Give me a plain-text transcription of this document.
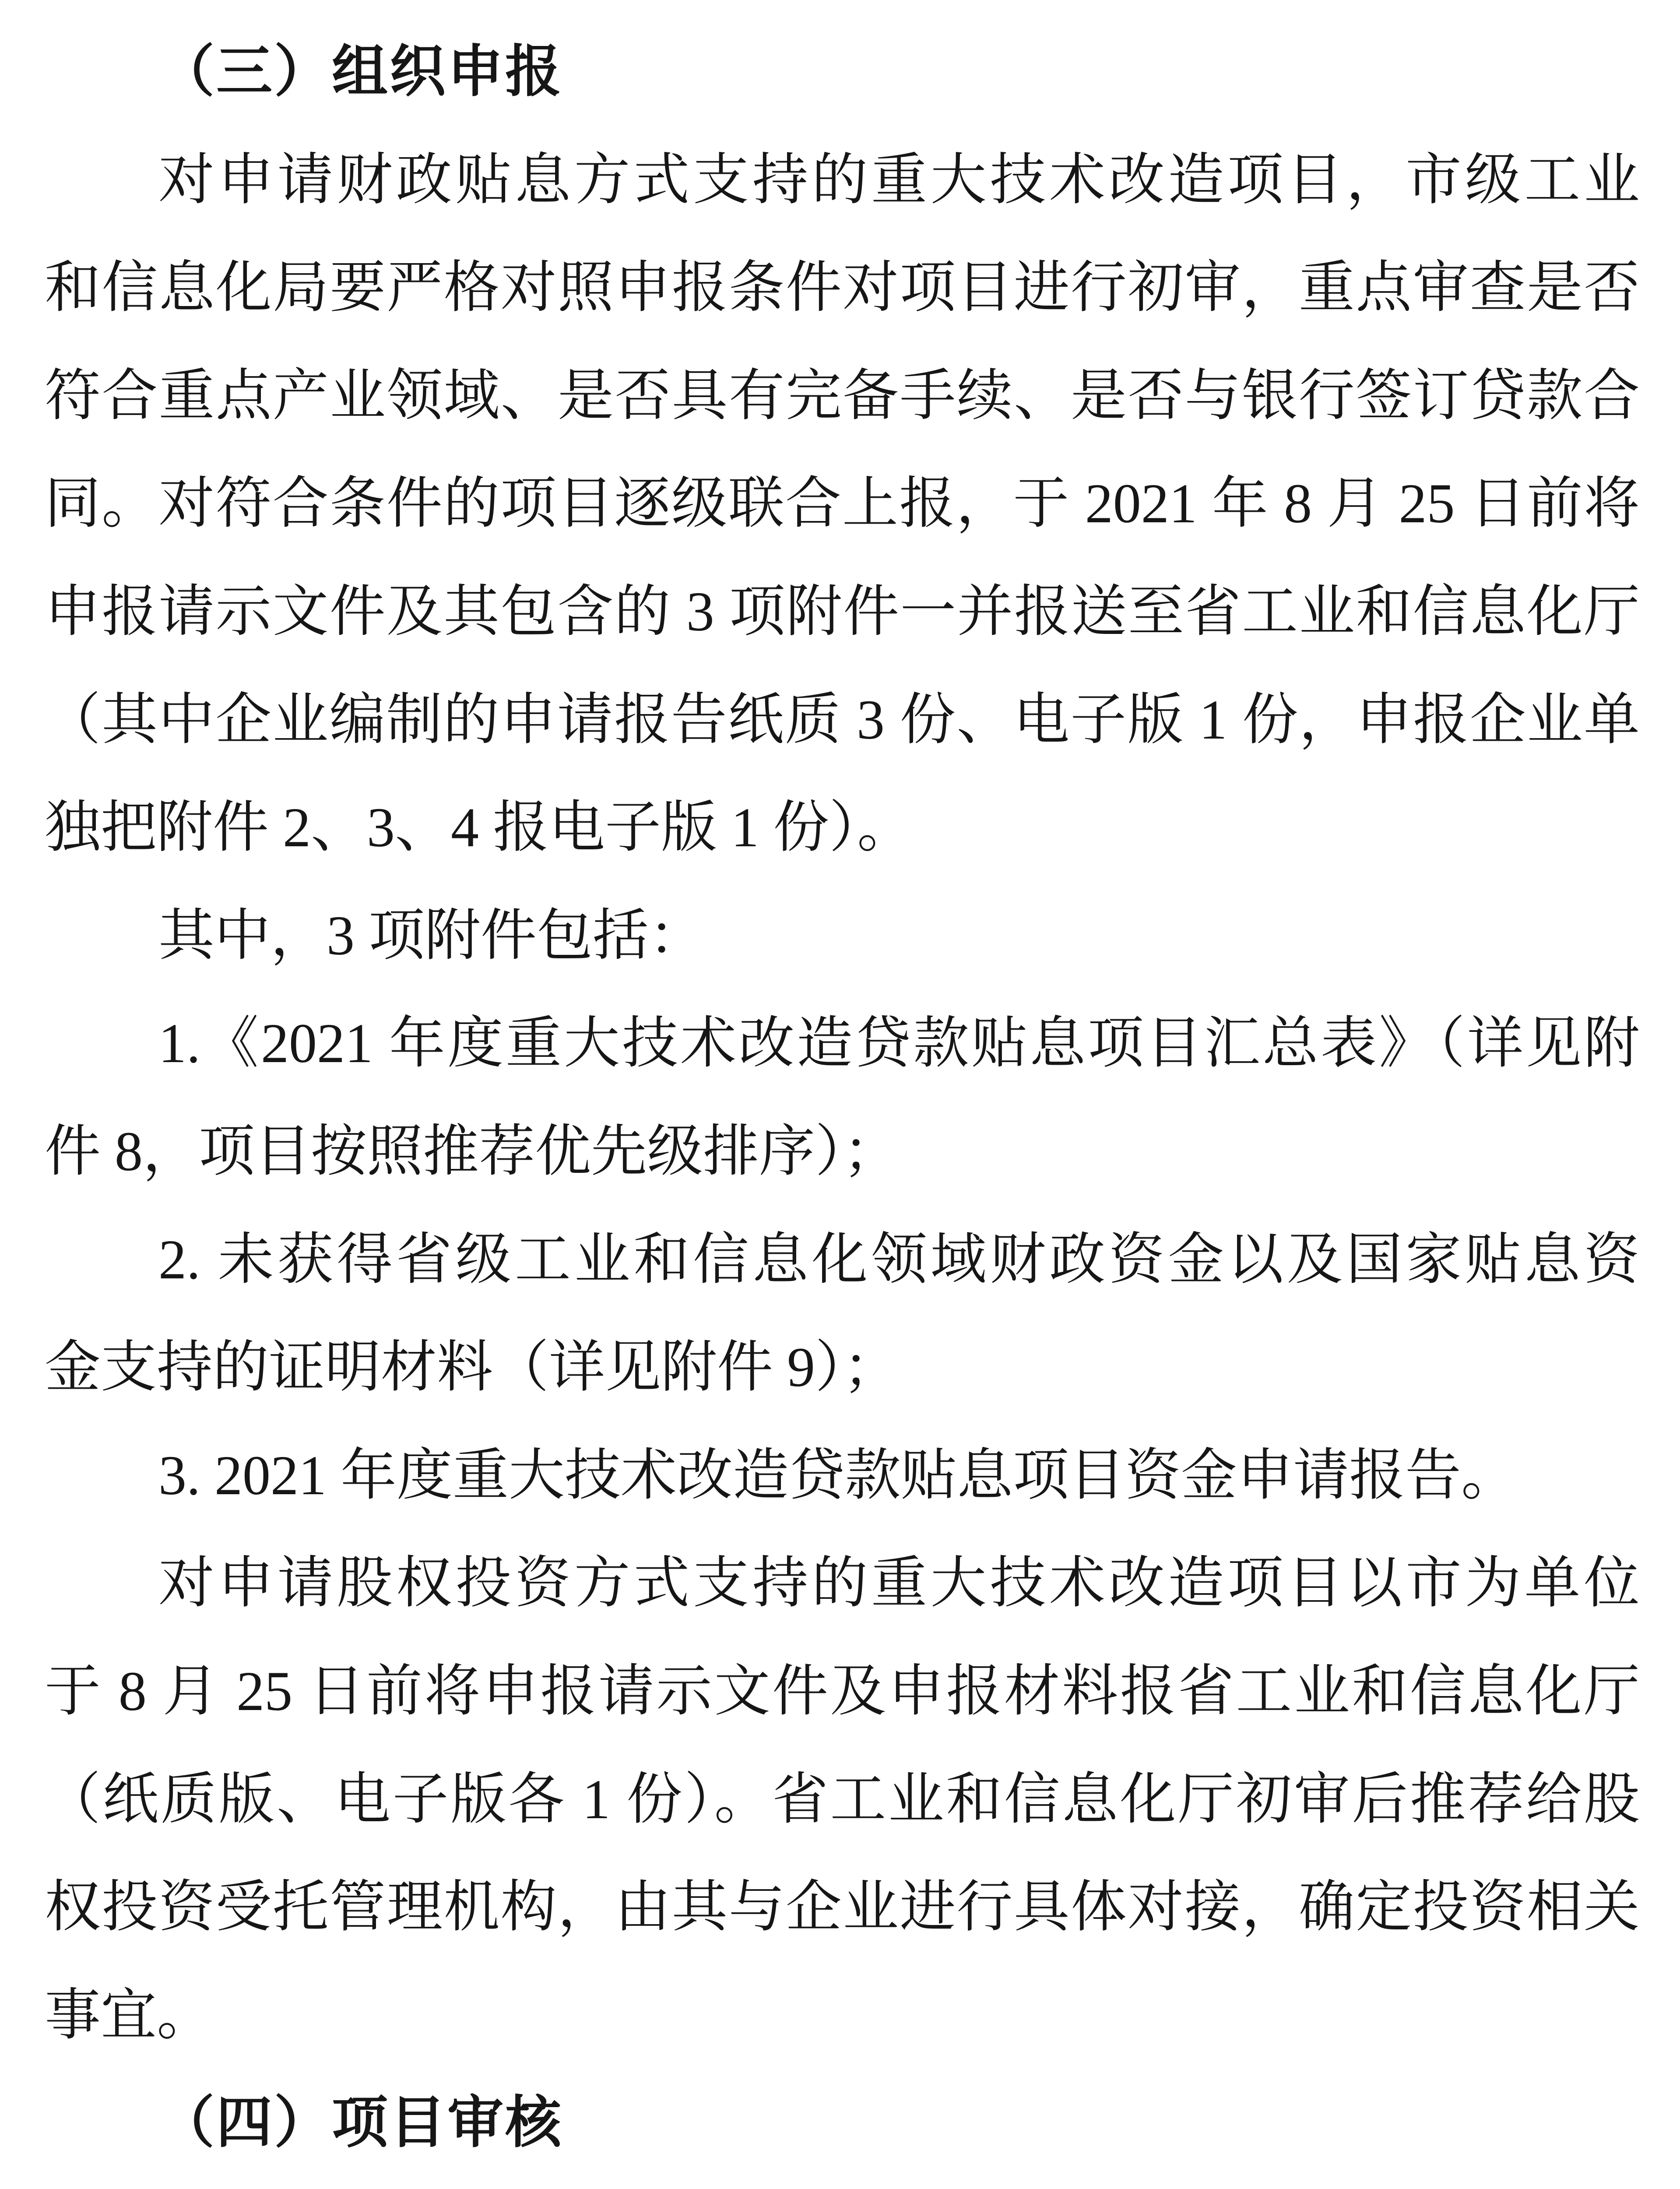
（三）组织申报
对申请财政贴息方式支持的重大技术改造项目，市级工业
和信息化局要严格对照申报条件对项目进行初审，重点审查是否
符合重点产业领域、是否具有完备手续、是否与银行签订贷款合
同。对符合条件的项目逐级联合上报，于 2021 年 8 月 25 日前将
申报请示文件及其包含的 3 项附件一并报送至省工业和信息化厅
（其中企业编制的申请报告纸质 3 份、电子版 1 份，申报企业单
独把附件 2、3、4 报电子版 1 份）。
其中，3 项附件包括：
1.《2021 年度重大技术改造贷款贴息项目汇总表》（详见附
件 8，项目按照推荐优先级排序）；
2. 未获得省级工业和信息化领域财政资金以及国家贴息资
金支持的证明材料（详见附件 9）；
3. 2021 年度重大技术改造贷款贴息项目资金申请报告。
对申请股权投资方式支持的重大技术改造项目以市为单位
于 8 月 25 日前将申报请示文件及申报材料报省工业和信息化厅
（纸质版、电子版各 1 份）。省工业和信息化厅初审后推荐给股
权投资受托管理机构，由其与企业进行具体对接，确定投资相关
事宜。
（四）项目审核
